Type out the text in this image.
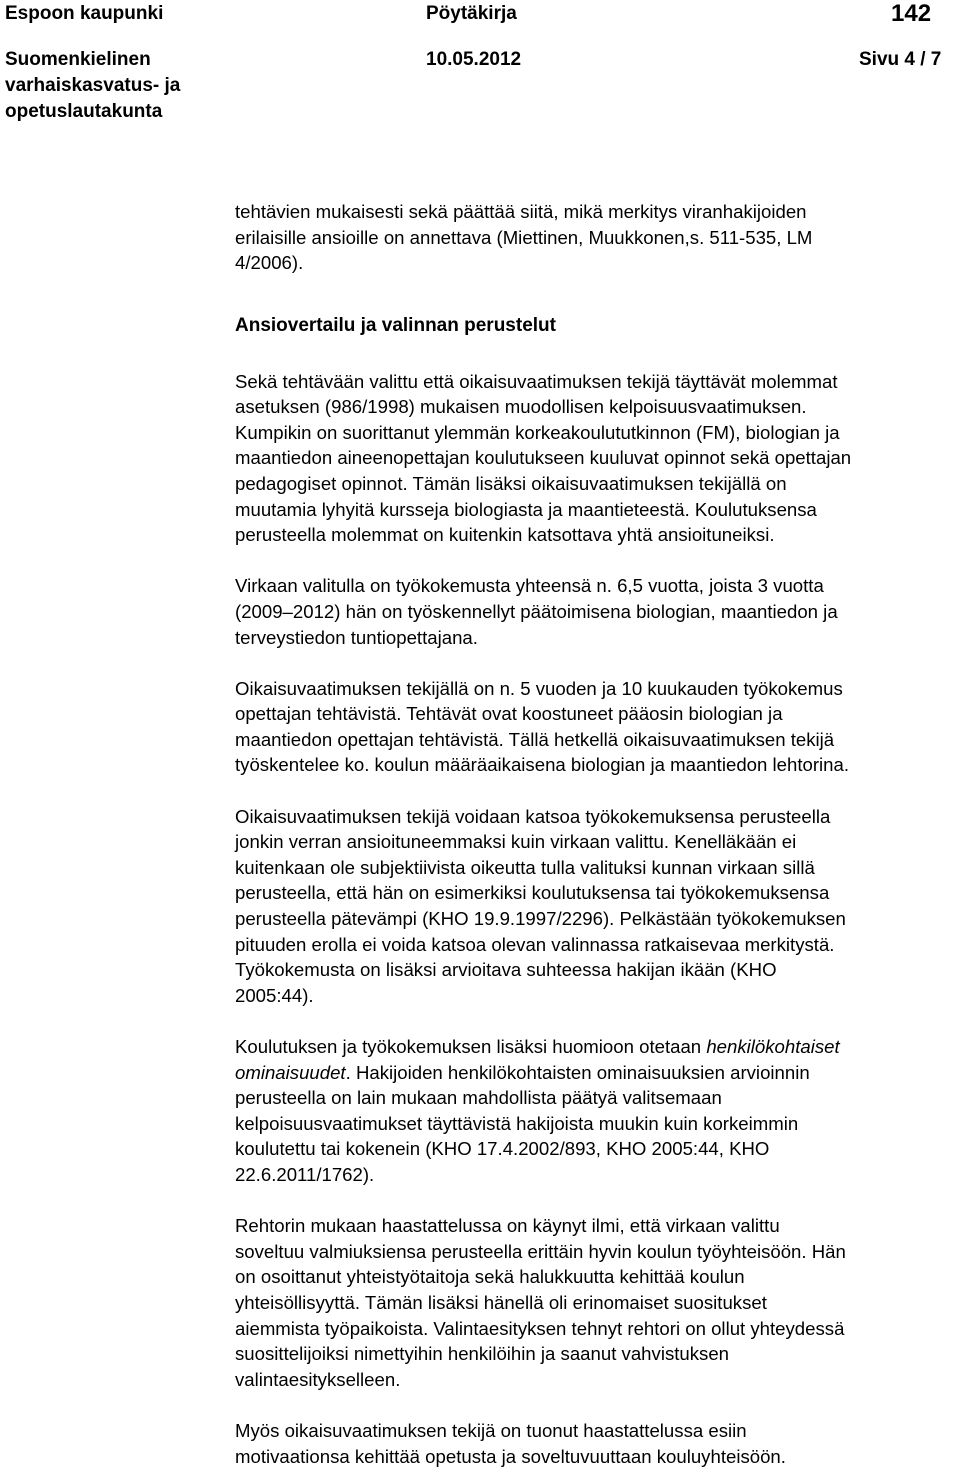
Espoon kaupunki	Pöytäkirja	142
Suomenkielinen
varhaiskasvatus- ja
opetuslautakunta
10.05.2012	Sivu 4 / 7

tehtävien mukaisesti sekä päättää siitä, mikä merkitys viranhakijoiden

erilaisille ansioille on annettava (Miettinen, Muukkonen,s. 511-535, LM

4/2006).

Ansiovertailu ja valinnan perustelut

Sekä tehtävään valittu että oikaisuvaatimuksen tekijä täyttävät molemmat

asetuksen (986/1998) mukaisen muodollisen kelpoisuusvaatimuksen.

Kumpikin on suorittanut ylemmän korkeakoulututkinnon (FM), biologian ja

maantiedon aineenopettajan koulutukseen kuuluvat opinnot sekä opettajan

pedagogiset opinnot. Tämän lisäksi oikaisuvaatimuksen tekijällä on

muutamia lyhyitä kursseja biologiasta ja maantieteestä. Koulutuksensa

perusteella molemmat on kuitenkin katsottava yhtä ansioituneiksi.

Virkaan valitulla on työkokemusta yhteensä n. 6,5 vuotta, joista 3 vuotta

(2009–2012) hän on työskennellyt päätoimisena biologian, maantiedon ja

terveystiedon tuntiopettajana.

Oikaisuvaatimuksen tekijällä on n. 5 vuoden ja 10 kuukauden työkokemus

opettajan tehtävistä. Tehtävät ovat koostuneet pääosin biologian ja

maantiedon opettajan tehtävistä. Tällä hetkellä oikaisuvaatimuksen tekijä

työskentelee ko. koulun määräaikaisena biologian ja maantiedon lehtorina.

Oikaisuvaatimuksen tekijä voidaan katsoa työkokemuksensa perusteella

jonkin verran ansioituneemmaksi kuin virkaan valittu. Kenelläkään ei

kuitenkaan ole subjektiivista oikeutta tulla valituksi kunnan virkaan sillä

perusteella, että hän on esimerkiksi koulutuksensa tai työkokemuksensa

perusteella pätevämpi (KHO 19.9.1997/2296). Pelkästään työkokemuksen

pituuden erolla ei voida katsoa olevan valinnassa ratkaisevaa merkitystä.

Työkokemusta on lisäksi arvioitava suhteessa hakijan ikään (KHO

2005:44).

Koulutuksen ja työkokemuksen lisäksi huomioon otetaan henkilökohtaiset

ominaisuudet. Hakijoiden henkilökohtaisten ominaisuuksien arvioinnin

perusteella on lain mukaan mahdollista päätyä valitsemaan

kelpoisuusvaatimukset täyttävistä hakijoista muukin kuin korkeimmin

koulutettu tai kokenein (KHO 17.4.2002/893, KHO 2005:44, KHO

22.6.2011/1762).

Rehtorin mukaan haastattelussa on käynyt ilmi, että virkaan valittu

soveltuu valmiuksiensa perusteella erittäin hyvin koulun työyhteisöön. Hän

on osoittanut yhteistyötaitoja sekä halukkuutta kehittää koulun

yhteisöllisyyttä. Tämän lisäksi hänellä oli erinomaiset suositukset

aiemmista työpaikoista. Valintaesityksen tehnyt rehtori on ollut yhteydessä

suosittelijoiksi nimettyihin henkilöihin ja saanut vahvistuksen

valintaesitykselleen.

Myös oikaisuvaatimuksen tekijä on tuonut haastattelussa esiin

motivaationsa kehittää opetusta ja soveltuvuuttaan kouluyhteisöön.
